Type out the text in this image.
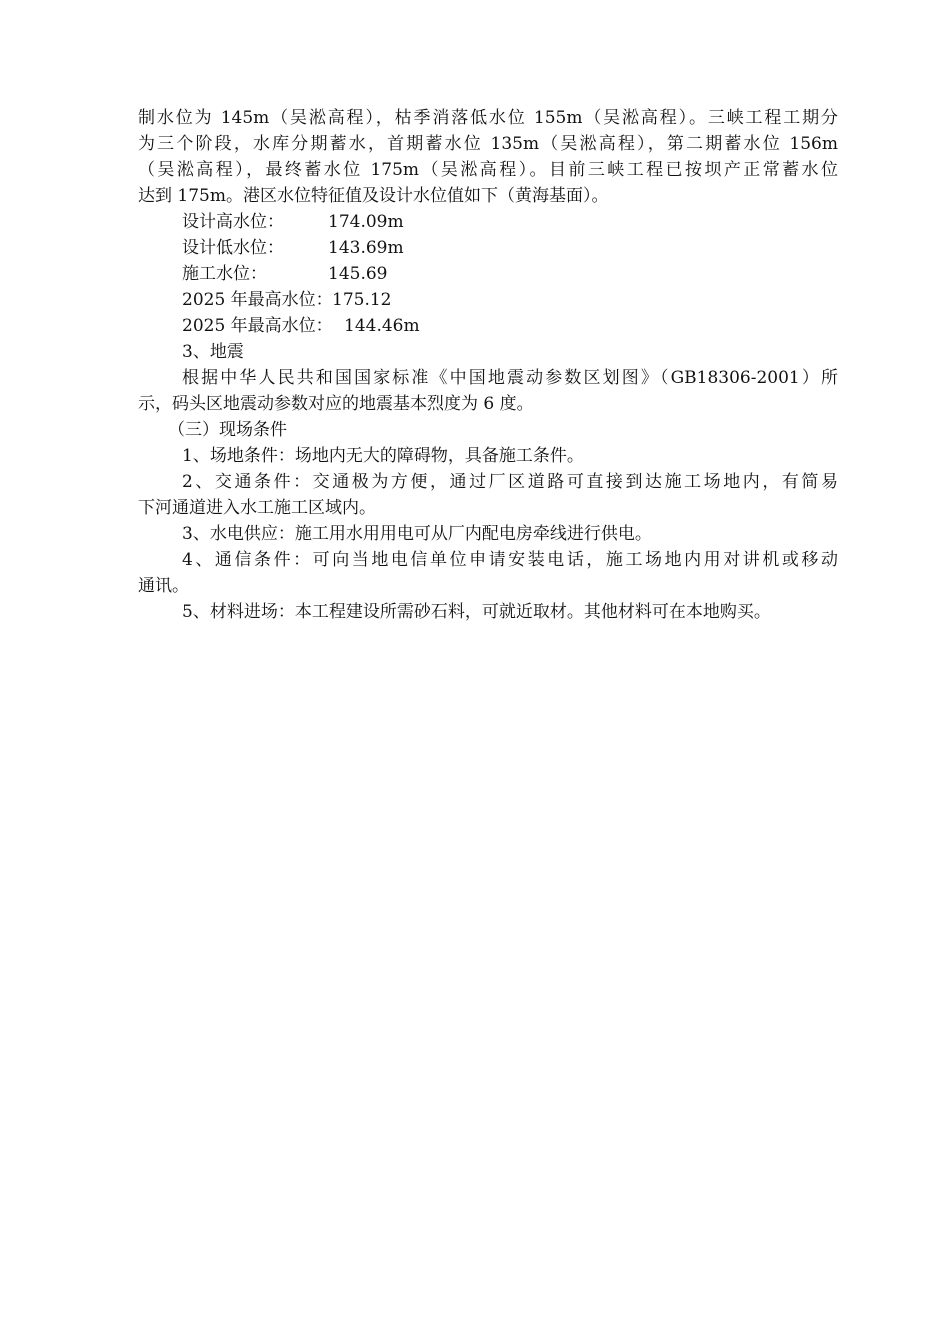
制水位为 145m（吴淞高程），枯季消落低水位 155m（吴淞高程）。三峡工程工期分
为三个阶段，水库分期蓄水，首期蓄水位 135m（吴淞高程），第二期蓄水位 156m
（吴淞高程），最终蓄水位 175m（吴淞高程）。目前三峡工程已按坝产正常蓄水位
达到 175m。港区水位特征值及设计水位值如下（黄海基面）。
设计高水位：	174.09m
设计低水位：	143.69m
施工水位：	145.69
2025 年最高水位： 175.12
2025 年最高水位： 144.46m
3、地震
根据中华人民共和国国家标准《中国地震动参数区划图》（GB18306-2001）所
示，码头区地震动参数对应的地震基本烈度为 6 度。
（三）现场条件
1、场地条件：场地内无大的障碍物，具备施工条件。
2、交通条件：交通极为方便，通过厂区道路可直接到达施工场地内，有简易
下河通道进入水工施工区域内。
3、水电供应：施工用水用用电可从厂内配电房牵线进行供电。
4、通信条件：可向当地电信单位申请安装电话，施工场地内用对讲机或移动
通讯。
5、材料进场：本工程建设所需砂石料，可就近取材。其他材料可在本地购买。
